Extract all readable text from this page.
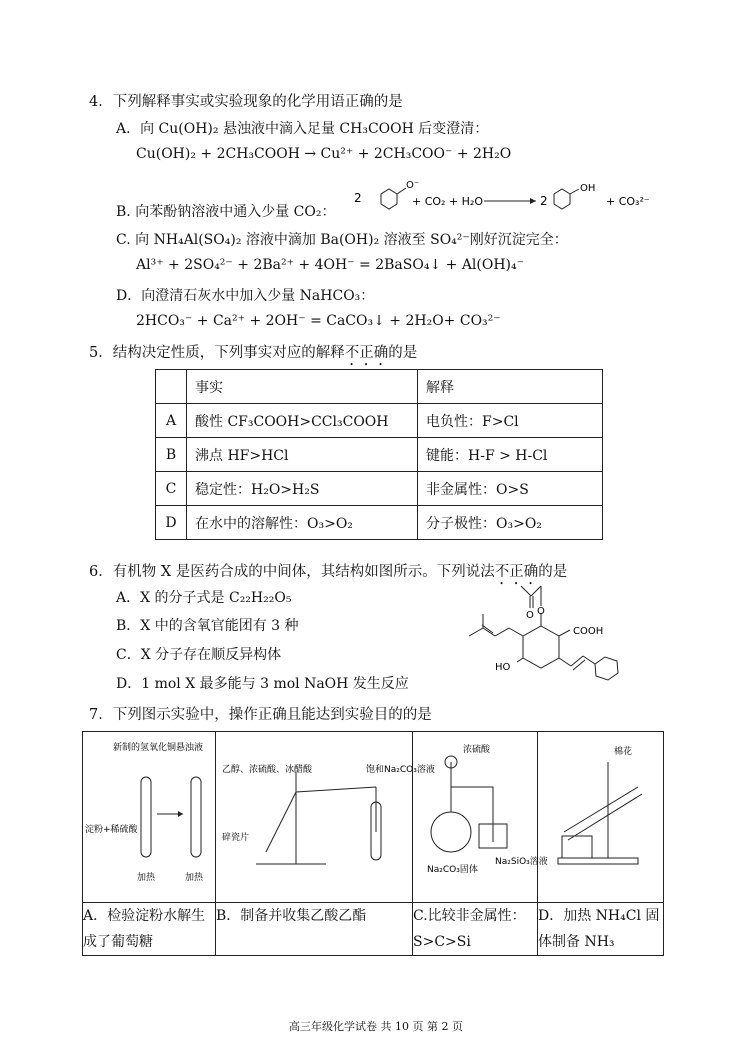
4．下列解释事实或实验现象的化学用语正确的是
A．向 Cu(OH)₂ 悬浊液中滴入足量 CH₃COOH 后变澄清：
Cu(OH)₂ + 2CH₃COOH → Cu²⁺ + 2CH₃COO⁻ + 2H₂O
B. 向苯酚钠溶液中通入少量 CO₂：
2
O⁻
+ CO₂ + H₂O	2
OH
+ CO₃²⁻
C. 向 NH₄Al(SO₄)₂ 溶液中滴加 Ba(OH)₂ 溶液至 SO₄²⁻刚好沉淀完全：
Al³⁺ + 2SO₄²⁻ + 2Ba²⁺ + 4OH⁻ = 2BaSO₄↓ + Al(OH)₄⁻
D．向澄清石灰水中加入少量 NaHCO₃：
2HCO₃⁻ + Ca²⁺ + 2OH⁻ = CaCO₃↓ + 2H₂O+ CO₃²⁻
5．结构决定性质，下列事实对应的解释不正确的是
	事实	解释
A	酸性 CF₃COOH>CCl₃COOH	电负性：F>Cl
B	沸点 HF>HCl	键能：H-F > H-Cl
C	稳定性：H₂O>H₂S	非金属性：O>S
D	在水中的溶解性：O₃>O₂	分子极性：O₃>O₂
6．有机物 X 是医药合成的中间体，其结构如图所示。下列说法不正确的是
A．X 的分子式是 C₂₂H₂₂O₅
B．X 中的含氧官能团有 3 种
C．X 分子存在顺反异构体
D．1 mol X 最多能与 3 mol NaOH 发生反应
COOH
HO
O
O
7．下列图示实验中，操作正确且能达到实验目的的是
新制的氢氧化铜悬浊液
淀粉+稀硫酸
加热 加热	乙醇、浓硫酸、冰醋酸
碎瓷片
饱和Na₂CO₃溶液	浓硫酸
Na₂CO₃固体
Na₂SiO₃溶液	棉花

A．检验淀粉水解生成了葡萄糖	B．制备并收集乙酸乙酯	C.比较非金属性：S>C>Si	D．加热 NH₄Cl 固体制备 NH₃
高三年级化学试卷 共 10 页 第 2 页
